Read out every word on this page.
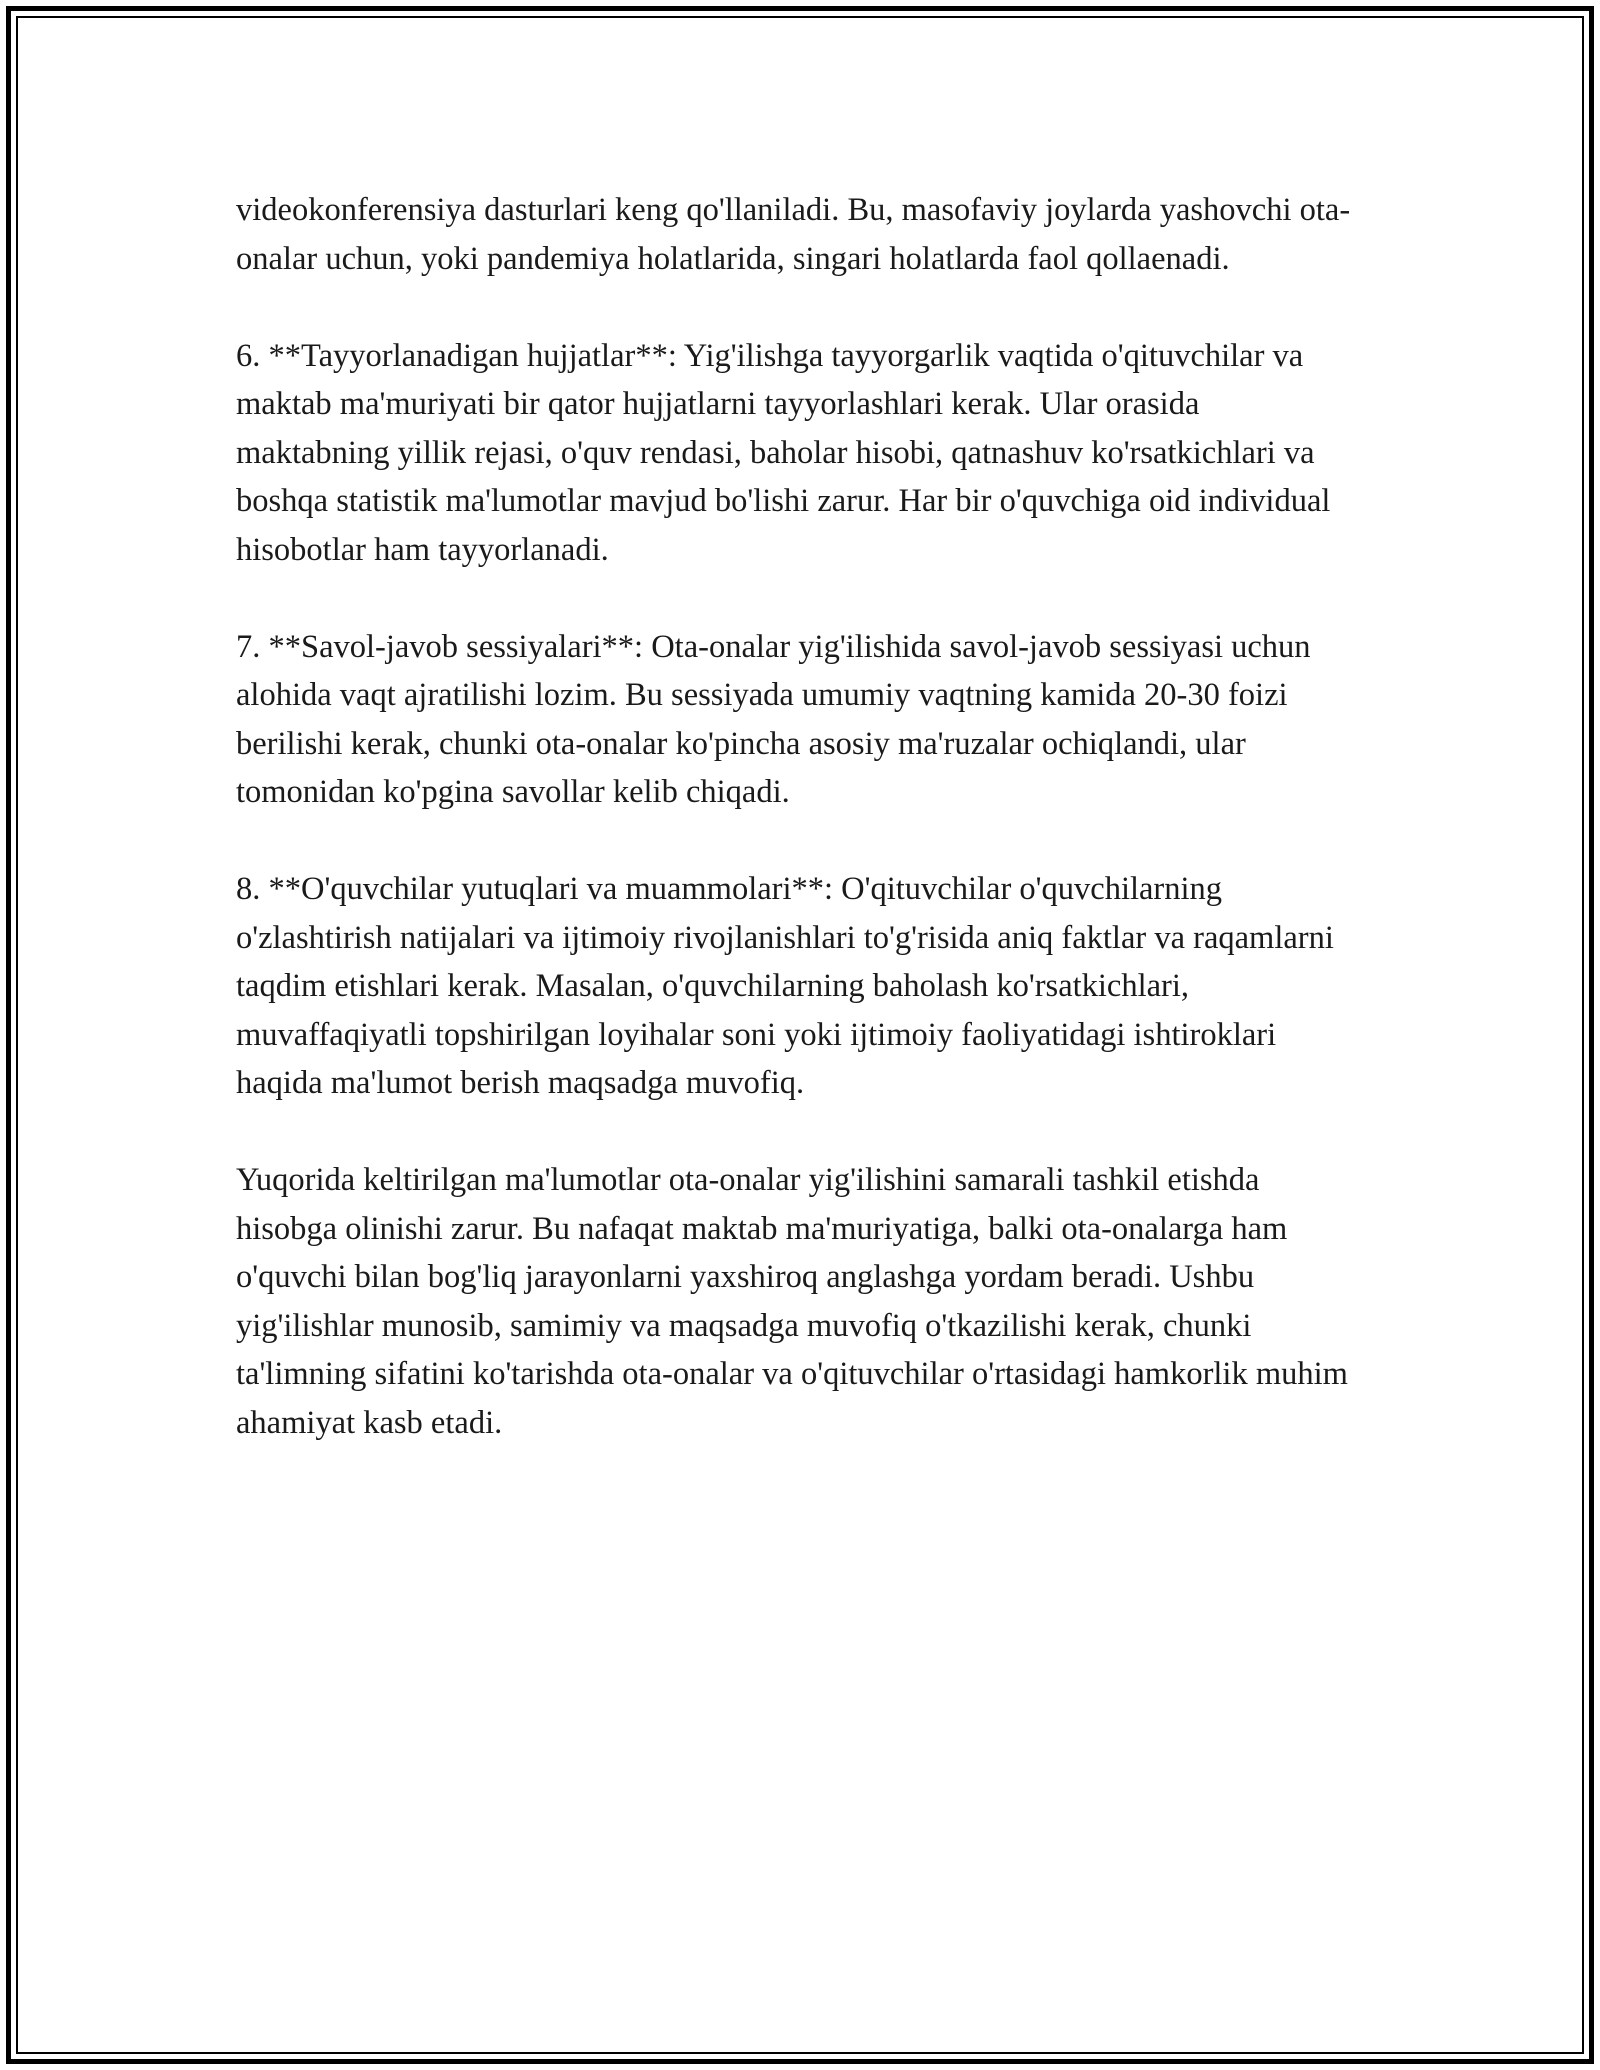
videokonferensiya dasturlari keng qo'llaniladi. Bu, masofaviy joylarda yashovchi ota-onalar uchun, yoki pandemiya holatlarida, singari holatlarda faol qollaenadi.

6. **Tayyorlanadigan hujjatlar**: Yig'ilishga tayyorgarlik vaqtida o'qituvchilar va maktab ma'muriyati bir qator hujjatlarni tayyorlashlari kerak. Ular orasida maktabning yillik rejasi, o'quv rendasi, baholar hisobi, qatnashuv ko'rsatkichlari va boshqa statistik ma'lumotlar mavjud bo'lishi zarur. Har bir o'quvchiga oid individual hisobotlar ham tayyorlanadi.

7. **Savol-javob sessiyalari**: Ota-onalar yig'ilishida savol-javob sessiyasi uchun alohida vaqt ajratilishi lozim. Bu sessiyada umumiy vaqtning kamida 20-30 foizi berilishi kerak, chunki ota-onalar ko'pincha asosiy ma'ruzalar ochiqlandi, ular tomonidan ko'pgina savollar kelib chiqadi.

8. **O'quvchilar yutuqlari va muammolari**: O'qituvchilar o'quvchilarning o'zlashtirish natijalari va ijtimoiy rivojlanishlari to'g'risida aniq faktlar va raqamlarni taqdim etishlari kerak. Masalan, o'quvchilarning baholash ko'rsatkichlari, muvaffaqiyatli topshirilgan loyihalar soni yoki ijtimoiy faoliyatidagi ishtiroklari haqida ma'lumot berish maqsadga muvofiq.

Yuqorida keltirilgan ma'lumotlar ota-onalar yig'ilishini samarali tashkil etishda hisobga olinishi zarur. Bu nafaqat maktab ma'muriyatiga, balki ota-onalarga ham o'quvchi bilan bog'liq jarayonlarni yaxshiroq anglashga yordam beradi. Ushbu yig'ilishlar munosib, samimiy va maqsadga muvofiq o'tkazilishi kerak, chunki ta'limning sifatini ko'tarishda ota-onalar va o'qituvchilar o'rtasidagi hamkorlik muhim ahamiyat kasb etadi.
